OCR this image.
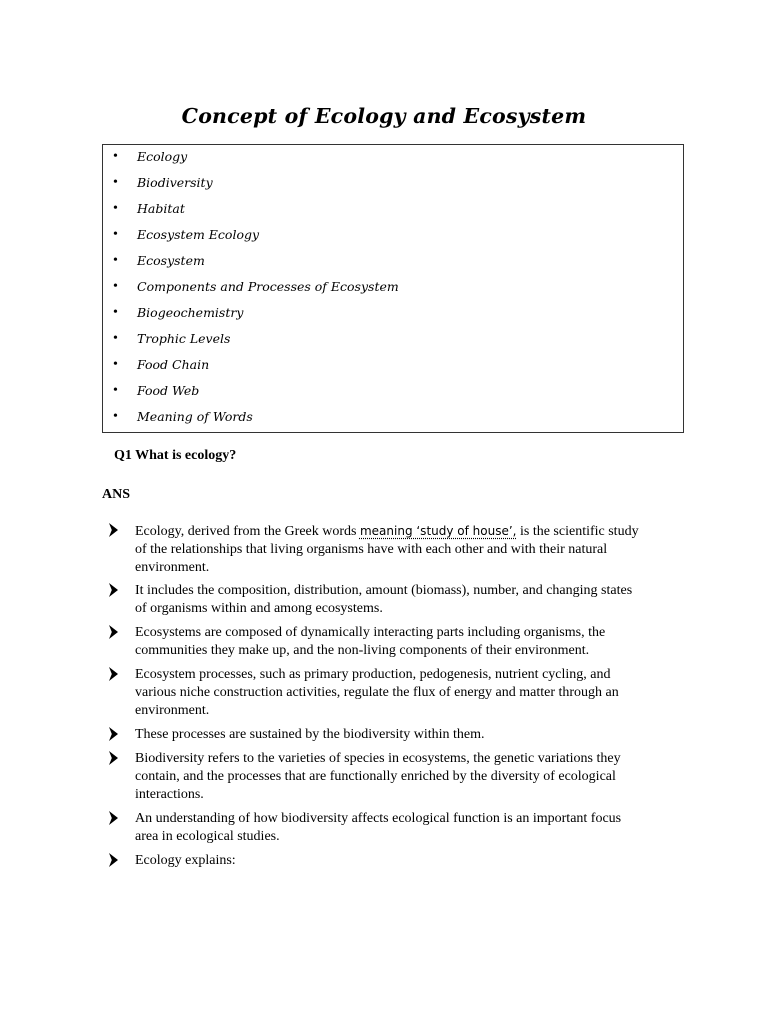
Concept of Ecology and Ecosystem
• Ecology
• Biodiversity
• Habitat
• Ecosystem Ecology
• Ecosystem
• Components and Processes of Ecosystem
• Biogeochemistry
• Trophic Levels
• Food Chain
• Food Web
• Meaning of Words
Q1 What is ecology?
ANS
Ecology, derived from the Greek words meaning ‘study of house’, is the scientific study
of the relationships that living organisms have with each other and with their natural
environment.
It includes the composition, distribution, amount (biomass), number, and changing states
of organisms within and among ecosystems.
Ecosystems are composed of dynamically interacting parts including organisms, the
communities they make up, and the non-living components of their environment.
Ecosystem processes, such as primary production, pedogenesis, nutrient cycling, and
various niche construction activities, regulate the flux of energy and matter through an
environment.
These processes are sustained by the biodiversity within them.
Biodiversity refers to the varieties of species in ecosystems, the genetic variations they
contain, and the processes that are functionally enriched by the diversity of ecological
interactions.
An understanding of how biodiversity affects ecological function is an important focus
area in ecological studies.
Ecology explains:
